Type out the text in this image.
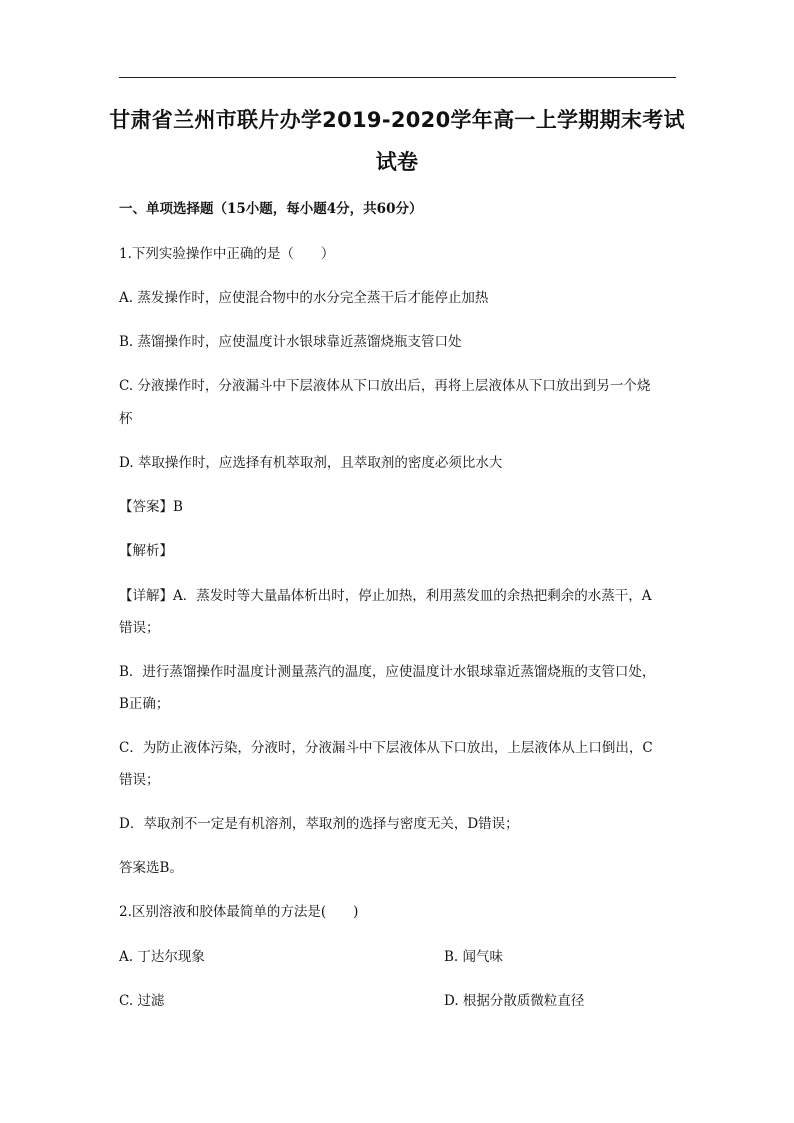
甘肃省兰州市联片办学2019-2020学年高一上学期期末考试
试卷
一、单项选择题（15小题，每小题4分，共60分）
1.下列实验操作中正确的是（　　）
A. 蒸发操作时，应使混合物中的水分完全蒸干后才能停止加热
B. 蒸馏操作时，应使温度计水银球靠近蒸馏烧瓶支管口处
C. 分液操作时，分液漏斗中下层液体从下口放出后，再将上层液体从下口放出到另一个烧
杯
D. 萃取操作时，应选择有机萃取剂，且萃取剂的密度必须比水大
【答案】B
【解析】
【详解】A．蒸发时等大量晶体析出时，停止加热，利用蒸发皿的余热把剩余的水蒸干，A
错误；
B．进行蒸馏操作时温度计测量蒸汽的温度，应使温度计水银球靠近蒸馏烧瓶的支管口处，
B正确；
C．为防止液体污染，分液时，分液漏斗中下层液体从下口放出，上层液体从上口倒出，C
错误；
D．萃取剂不一定是有机溶剂，萃取剂的选择与密度无关，D错误；
答案选B。
2.区别溶液和胶体最简单的方法是(　　)
A. 丁达尔现象	B. 闻气味
C. 过滤	D. 根据分散质微粒直径
